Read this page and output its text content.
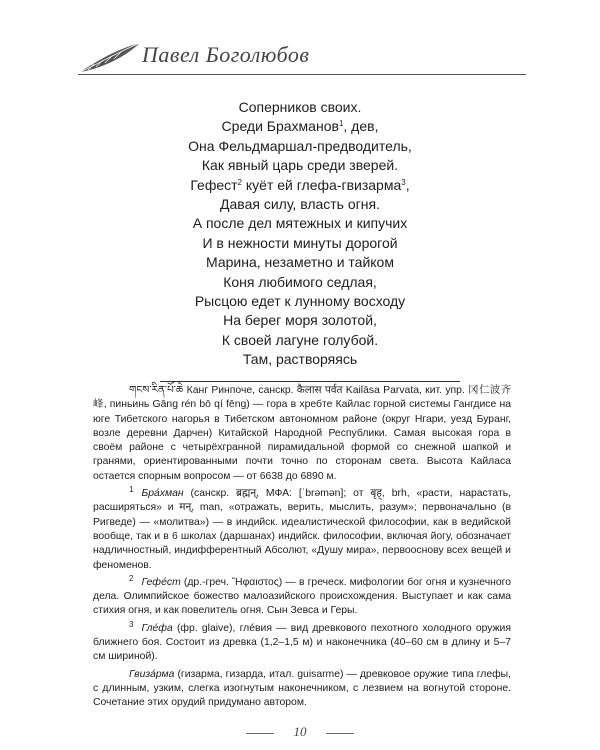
Павел Боголюбов
Соперников своих.
Среди Брахманов$^1$, дев,
Она Фельдмаршал-предводитель,
Как явный царь среди зверей.
Гефест$^2$ куёт ей глефа-гвизарма$^3$,
Давая силу, власть огня.
А после дел мятежных и кипучих
И в нежности минуты дорогой
Марина, незаметно и тайком
Коня любимого седлая,
Рысцою едет к лунному восходу
На берег моря золотой,
К своей лагуне голубой.
Там, растворяясь

གངས་རིན་པོ་ཆེ Канг Ринпоче, санскр. कैलास पर्वत Kailāsa Parvata, кит. упр. 冈仁波齐峰, пиньинь Gāng rén bō qí fēng) — гора в хребте Кайлас горной системы Гангдисе на юге Тибетского нагорья в Тибетском автономном районе (округ Нгари, уезд Буранг, возле деревни Дарчен) Китайской Народной Республики. Самая высокая гора в своём районе с четырёхгранной пирамидальной формой со снежной шапкой и гранями, ориентированными почти точно по сторонам света. Высота Кайласа остается спорным вопросом — от 6638 до 6890 м.

$^1$ Бра́хман (санскр. ब्रह्मन्, МФА: [ˈbrəmən]; от बृह्, brh, «расти, нарастать, расширяться» и मन्, man, «отражать, верить, мыслить, разум»; первоначально (в Ригведе) — «молитва») — в индийск. идеалистической философии, как в ведийской вообще, так и в 6 школах (даршанах) индийск. философии, включая йогу, обозначает надличностный, индифферентный Абсолют, «Душу мира», первооснову всех вещей и феноменов.

$^2$ Гефе́ст (др.-греч. Ἥφαιστος) — в греческ. мифологии бог огня и кузнечного дела. Олимпийское божество малоазийского происхождения. Выступает и как сама стихия огня, и как повелитель огня. Сын Зевса и Геры.

$^3$ Гле́фа (фр. glaive), глéвия — вид древкового пехотного холодного оружия ближнего боя. Состоит из древка (1,2–1,5 м) и наконечника (40–60 см в длину и 5–7 см шириной).

Гвиза́рма (гизарма, гизарда, итал. guisarme) — древковое оружие типа глефы, с длинным, узким, слегка изогнутым наконечником, с лезвием на вогнутой стороне. Сочетание этих орудий придумано автором.

10
